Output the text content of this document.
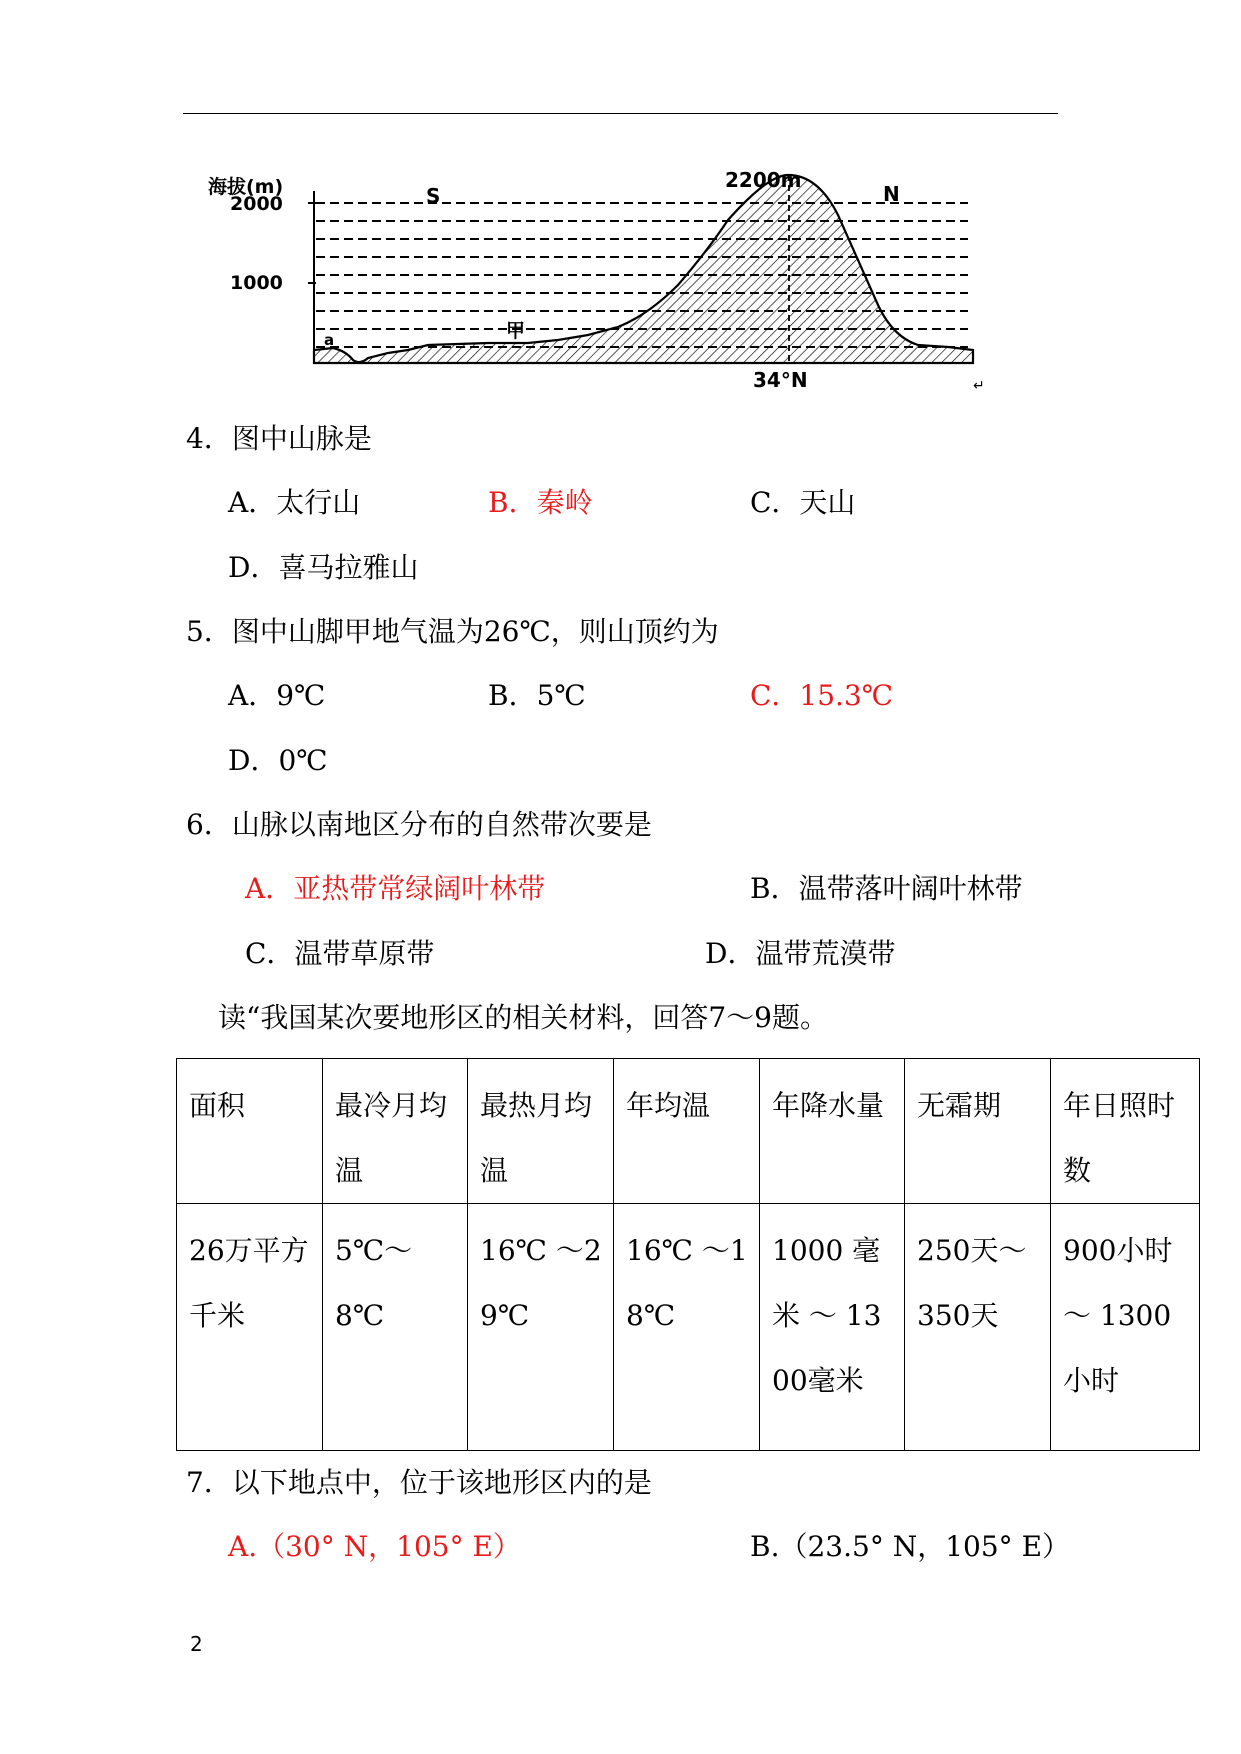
海拔(m)
2000
1000
S	N
2200m
34°N
a	甲
↵
4．图中山脉是
A．太行山	B．秦岭	C．天山
D．喜马拉雅山
5．图中山脚甲地气温为26℃，则山顶约为
A．9℃	B．5℃	C．15.3℃
D．0℃
6．山脉以南地区分布的自然带次要是
A．亚热带常绿阔叶林带	B．温带落叶阔叶林带
C．温带草原带	D．温带荒漠带
读“我国某次要地形区的相关材料，回答7～9题。
面积	最冷月均温	最热月均温	年均温	年降水量	无霜期	年日照时数
26万平方千米	5℃～8℃	16℃ ～29℃	16℃ ～18℃	1000 毫米 ～ 1300毫米	250天～350天	900小时 ～ 1300小时
7．以下地点中，位于该地形区内的是
A.（30° N，105° E）	B.（23.5° N，105° E）
2
